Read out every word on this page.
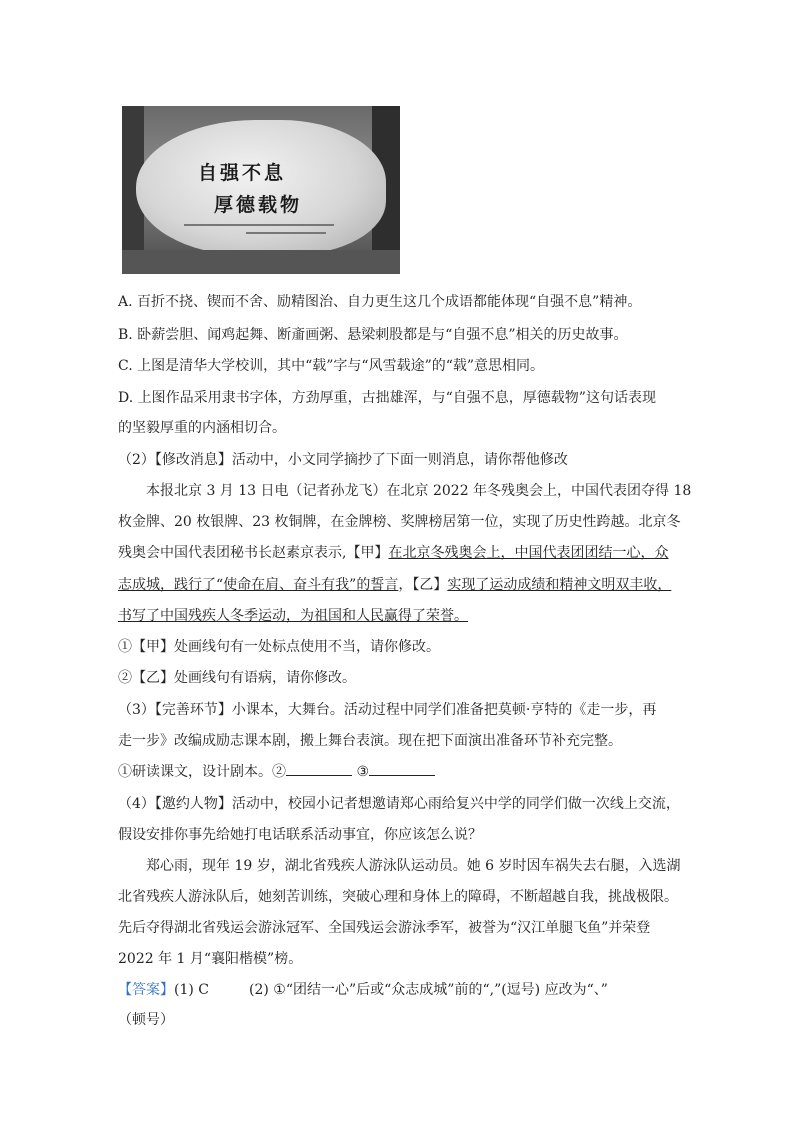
自强不息
厚德载物
A. 百折不挠、锲而不舍、励精图治、自力更生这几个成语都能体现“自强不息”精神。
B. 卧薪尝胆、闻鸡起舞、断齑画粥、悬梁刺股都是与“自强不息”相关的历史故事。
C. 上图是清华大学校训，其中“载”字与“风雪载途”的“载”意思相同。
D. 上图作品采用隶书字体，方劲厚重，古拙雄浑，与“自强不息，厚德载物”这句话表现
的坚毅厚重的内涵相切合。
（2）【修改消息】活动中，小文同学摘抄了下面一则消息，请你帮他修改
本报北京 3 月 13 日电（记者孙龙飞）在北京 2022 年冬残奥会上，中国代表团夺得 18
枚金牌、20 枚银牌、23 枚铜牌，在金牌榜、奖牌榜居第一位，实现了历史性跨越。北京冬
残奥会中国代表团秘书长赵素京表示,【甲】在北京冬残奥会上，中国代表团团结一心，众
志成城，践行了“使命在肩、奋斗有我”的誓言，【乙】实现了运动成绩和精神文明双丰收，
书写了中国残疾人冬季运动，为祖国和人民赢得了荣誉。
①【甲】处画线句有一处标点使用不当，请你修改。
②【乙】处画线句有语病，请你修改。
（3）【完善环节】小课本，大舞台。活动过程中同学们准备把莫顿·亨特的《走一步，再
走一步》改编成励志课本剧，搬上舞台表演。现在把下面演出准备环节补充完整。
①研读课文，设计剧本。②	③
（4）【邀约人物】活动中，校园小记者想邀请郑心雨给复兴中学的同学们做一次线上交流，
假设安排你事先给她打电话联系活动事宜，你应该怎么说？
郑心雨，现年 19 岁，湖北省残疾人游泳队运动员。她 6 岁时因车祸失去右腿，入选湖
北省残疾人游泳队后，她刻苦训练，突破心理和身体上的障碍，不断超越自我，挑战极限。
先后夺得湖北省残运会游泳冠军、全国残运会游泳季军，被誉为“汉江单腿飞鱼”并荣登
2022 年 1 月“襄阳楷模”榜。
【答案】(1) C	(2) ①“团结一心”后或“众志成城”前的“,”(逗号) 应改为“、”
（顿号）
